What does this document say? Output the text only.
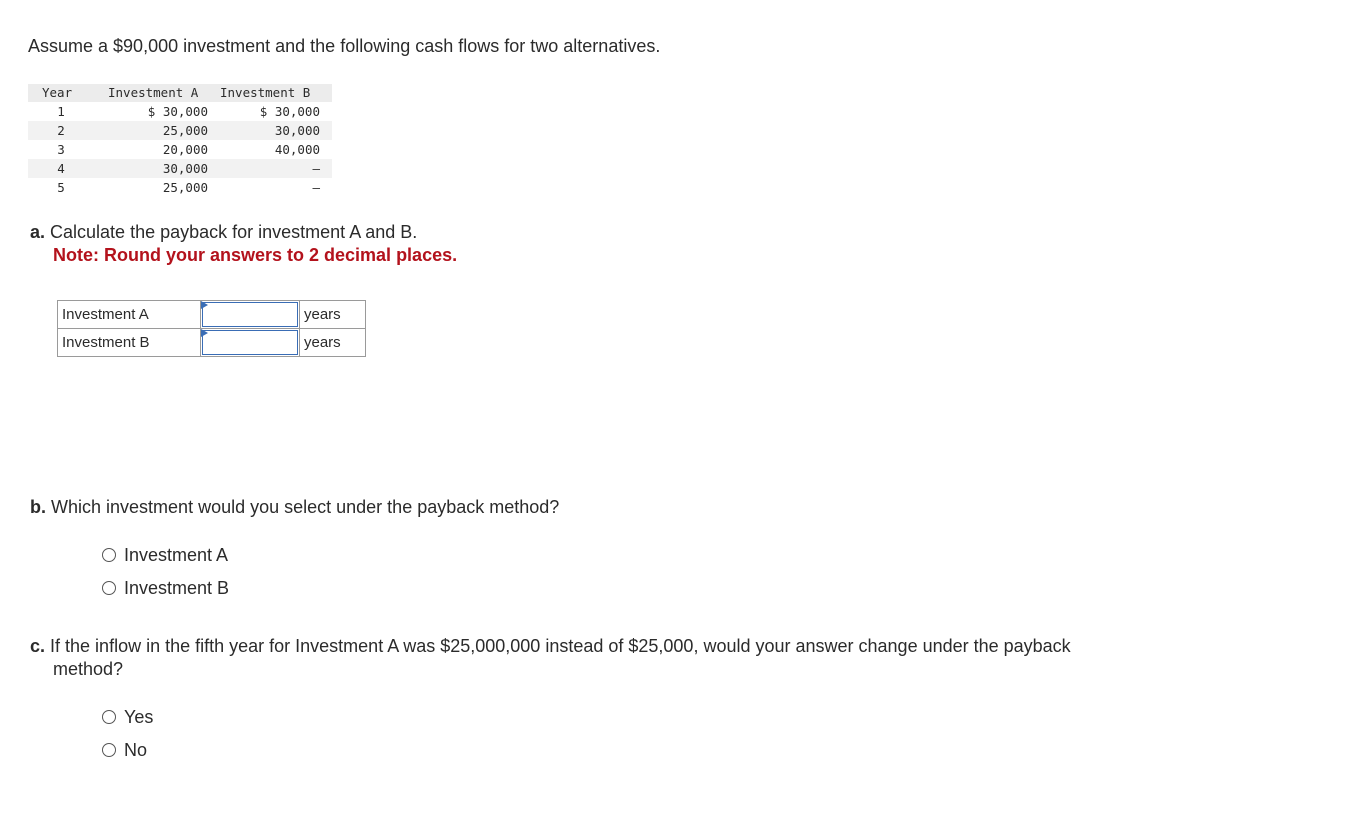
Assume a $90,000 investment and the following cash flows for two alternatives.
Year	Investment A	Investment B
1	$ 30,000	$ 30,000
2	25,000	30,000
3	20,000	40,000
4	30,000	–
5	25,000	–
a. Calculate the payback for investment A and B.
Note: Round your answers to 2 decimal places.
Investment A		years
Investment B		years
b. Which investment would you select under the payback method?
Investment A
Investment B
c. If the inflow in the fifth year for Investment A was $25,000,000 instead of $25,000, would your answer change under the payback
method?
Yes
No
